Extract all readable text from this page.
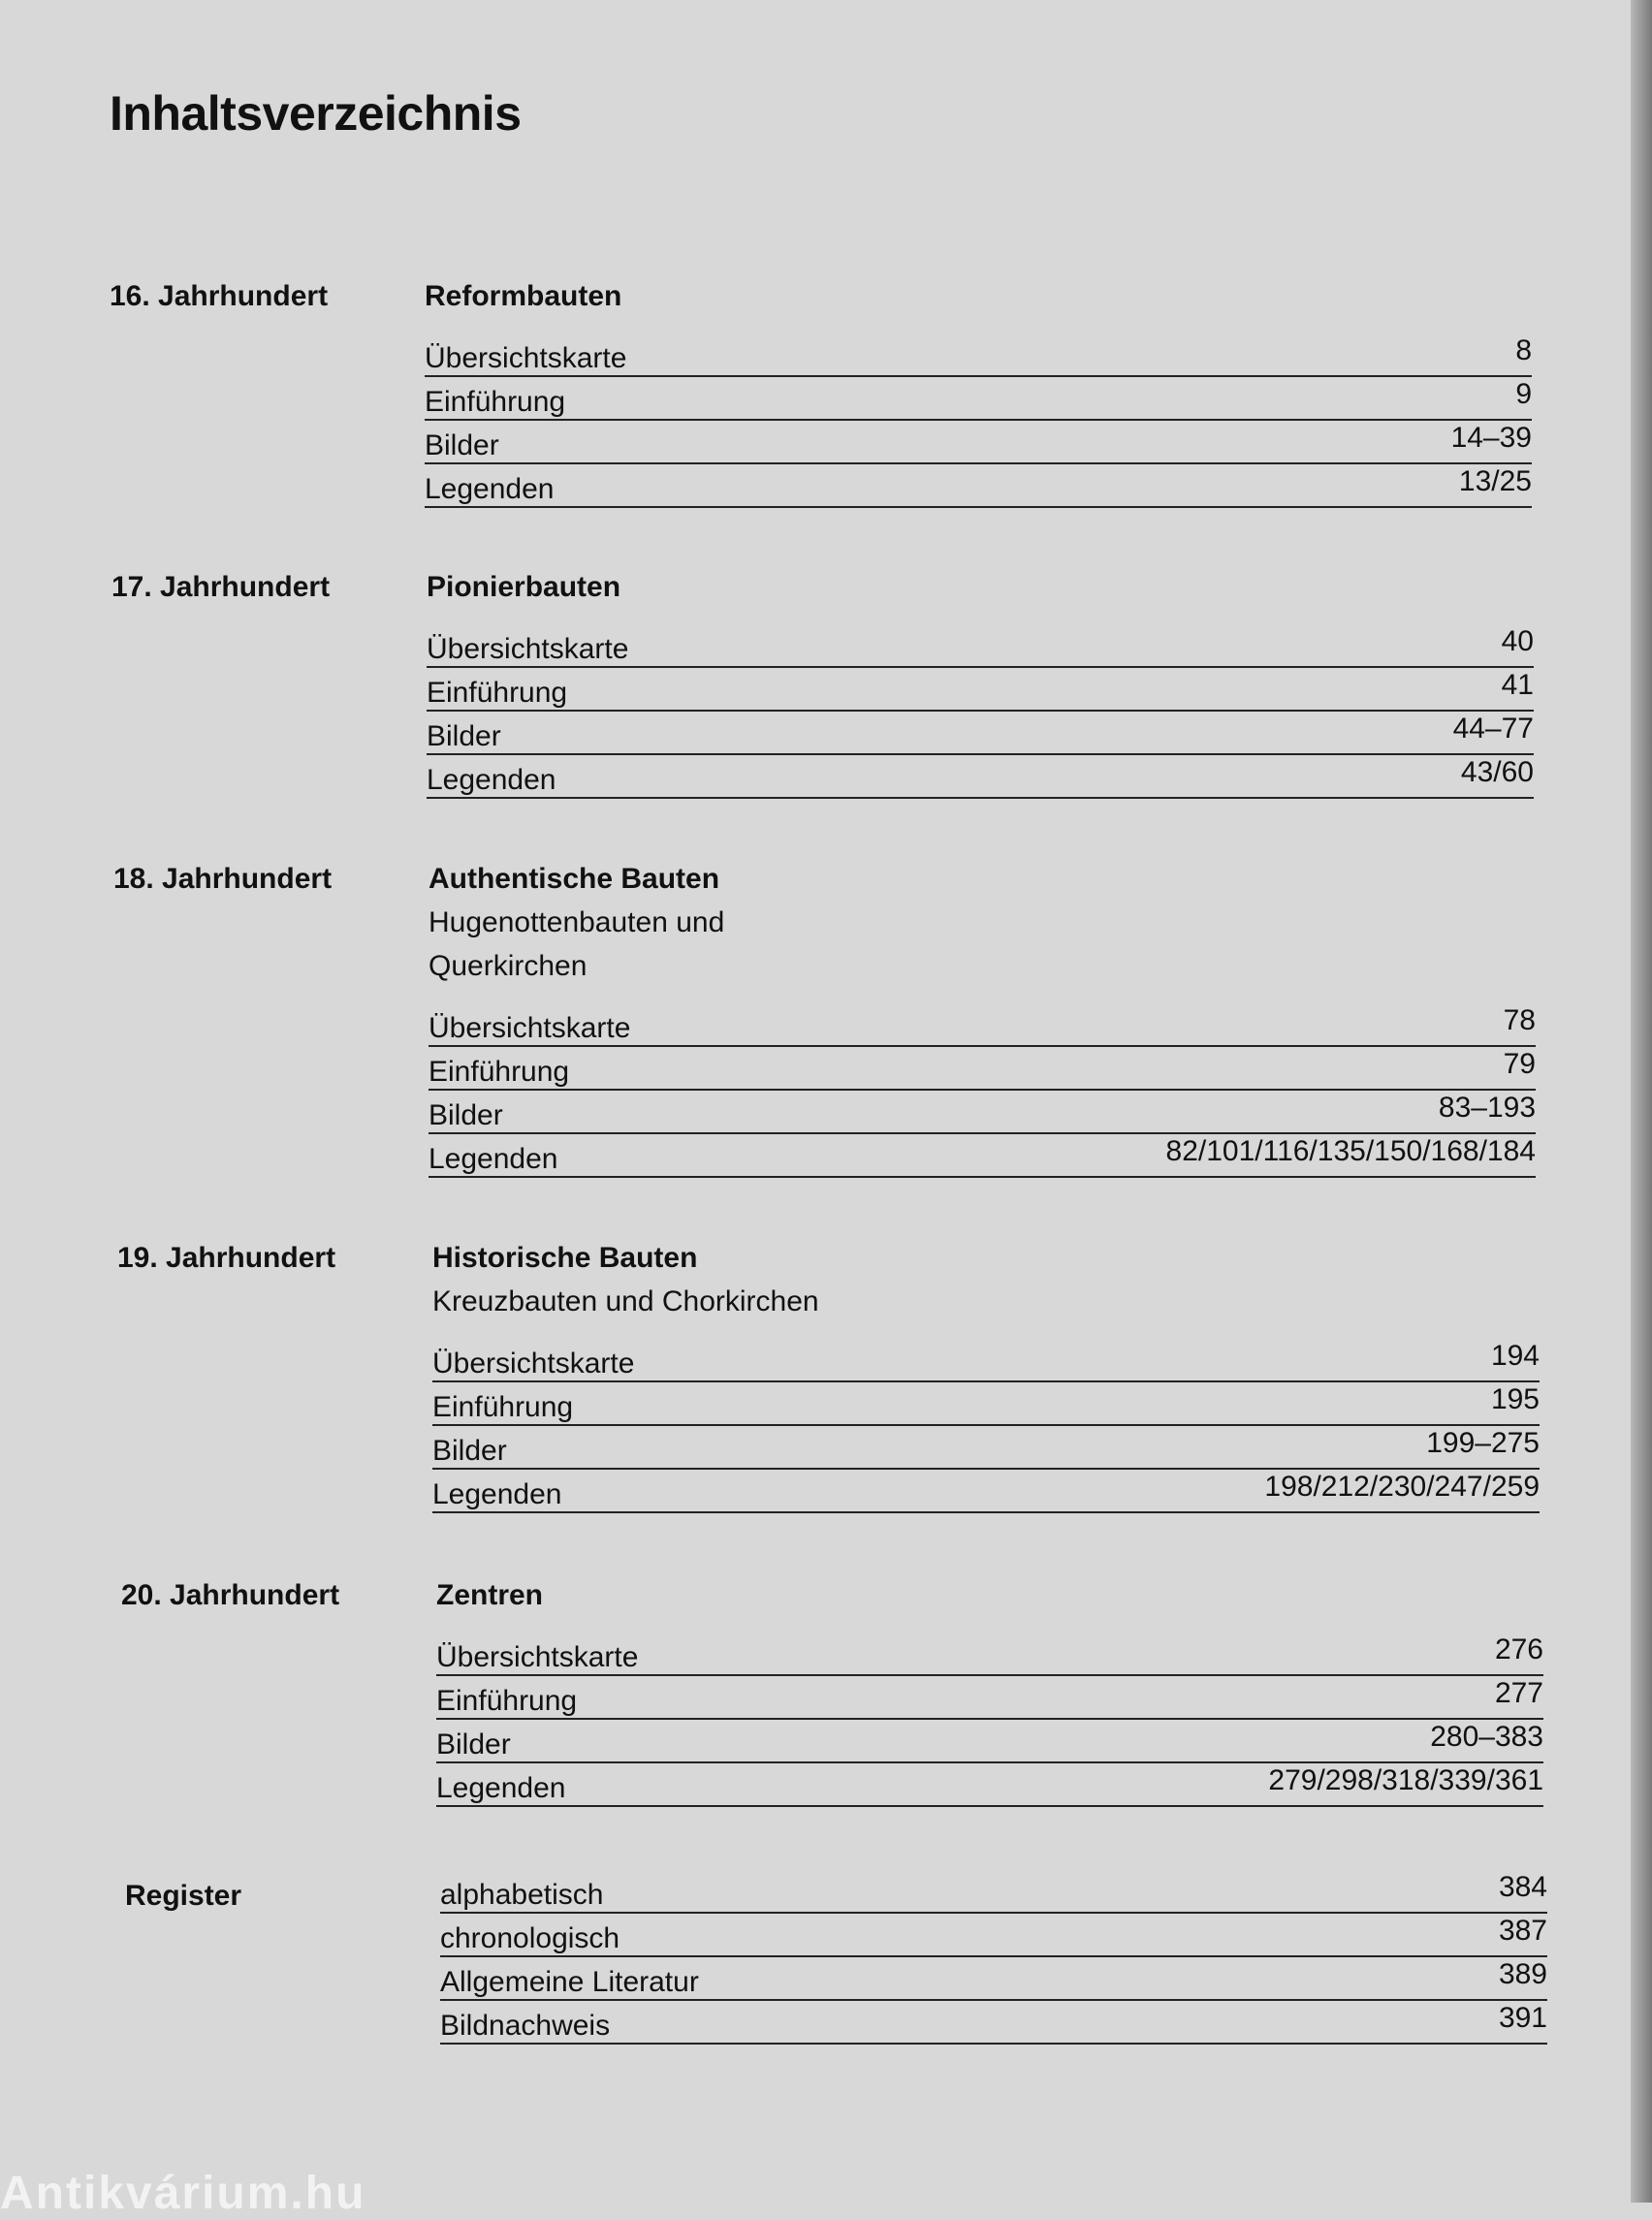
Antikvárium.hu
Inhaltsverzeichnis
16. Jahrhundert	Reformbauten
Übersichtskarte	8
Einführung	9
Bilder	14–39
Legenden	13/25
17. Jahrhundert	Pionierbauten
Übersichtskarte	40
Einführung	41
Bilder	44–77
Legenden	43/60
18. Jahrhundert	Authentische Bauten
Hugenottenbauten und
Querkirchen
Übersichtskarte	78
Einführung	79
Bilder	83–193
Legenden	82/101/116/135/150/168/184
19. Jahrhundert	Historische Bauten
Kreuzbauten und Chorkirchen
Übersichtskarte	194
Einführung	195
Bilder	199–275
Legenden	198/212/230/247/259
20. Jahrhundert	Zentren
Übersichtskarte	276
Einführung	277
Bilder	280–383
Legenden	279/298/318/339/361
Register	alphabetisch	384
chronologisch	387
Allgemeine Literatur	389
Bildnachweis	391
